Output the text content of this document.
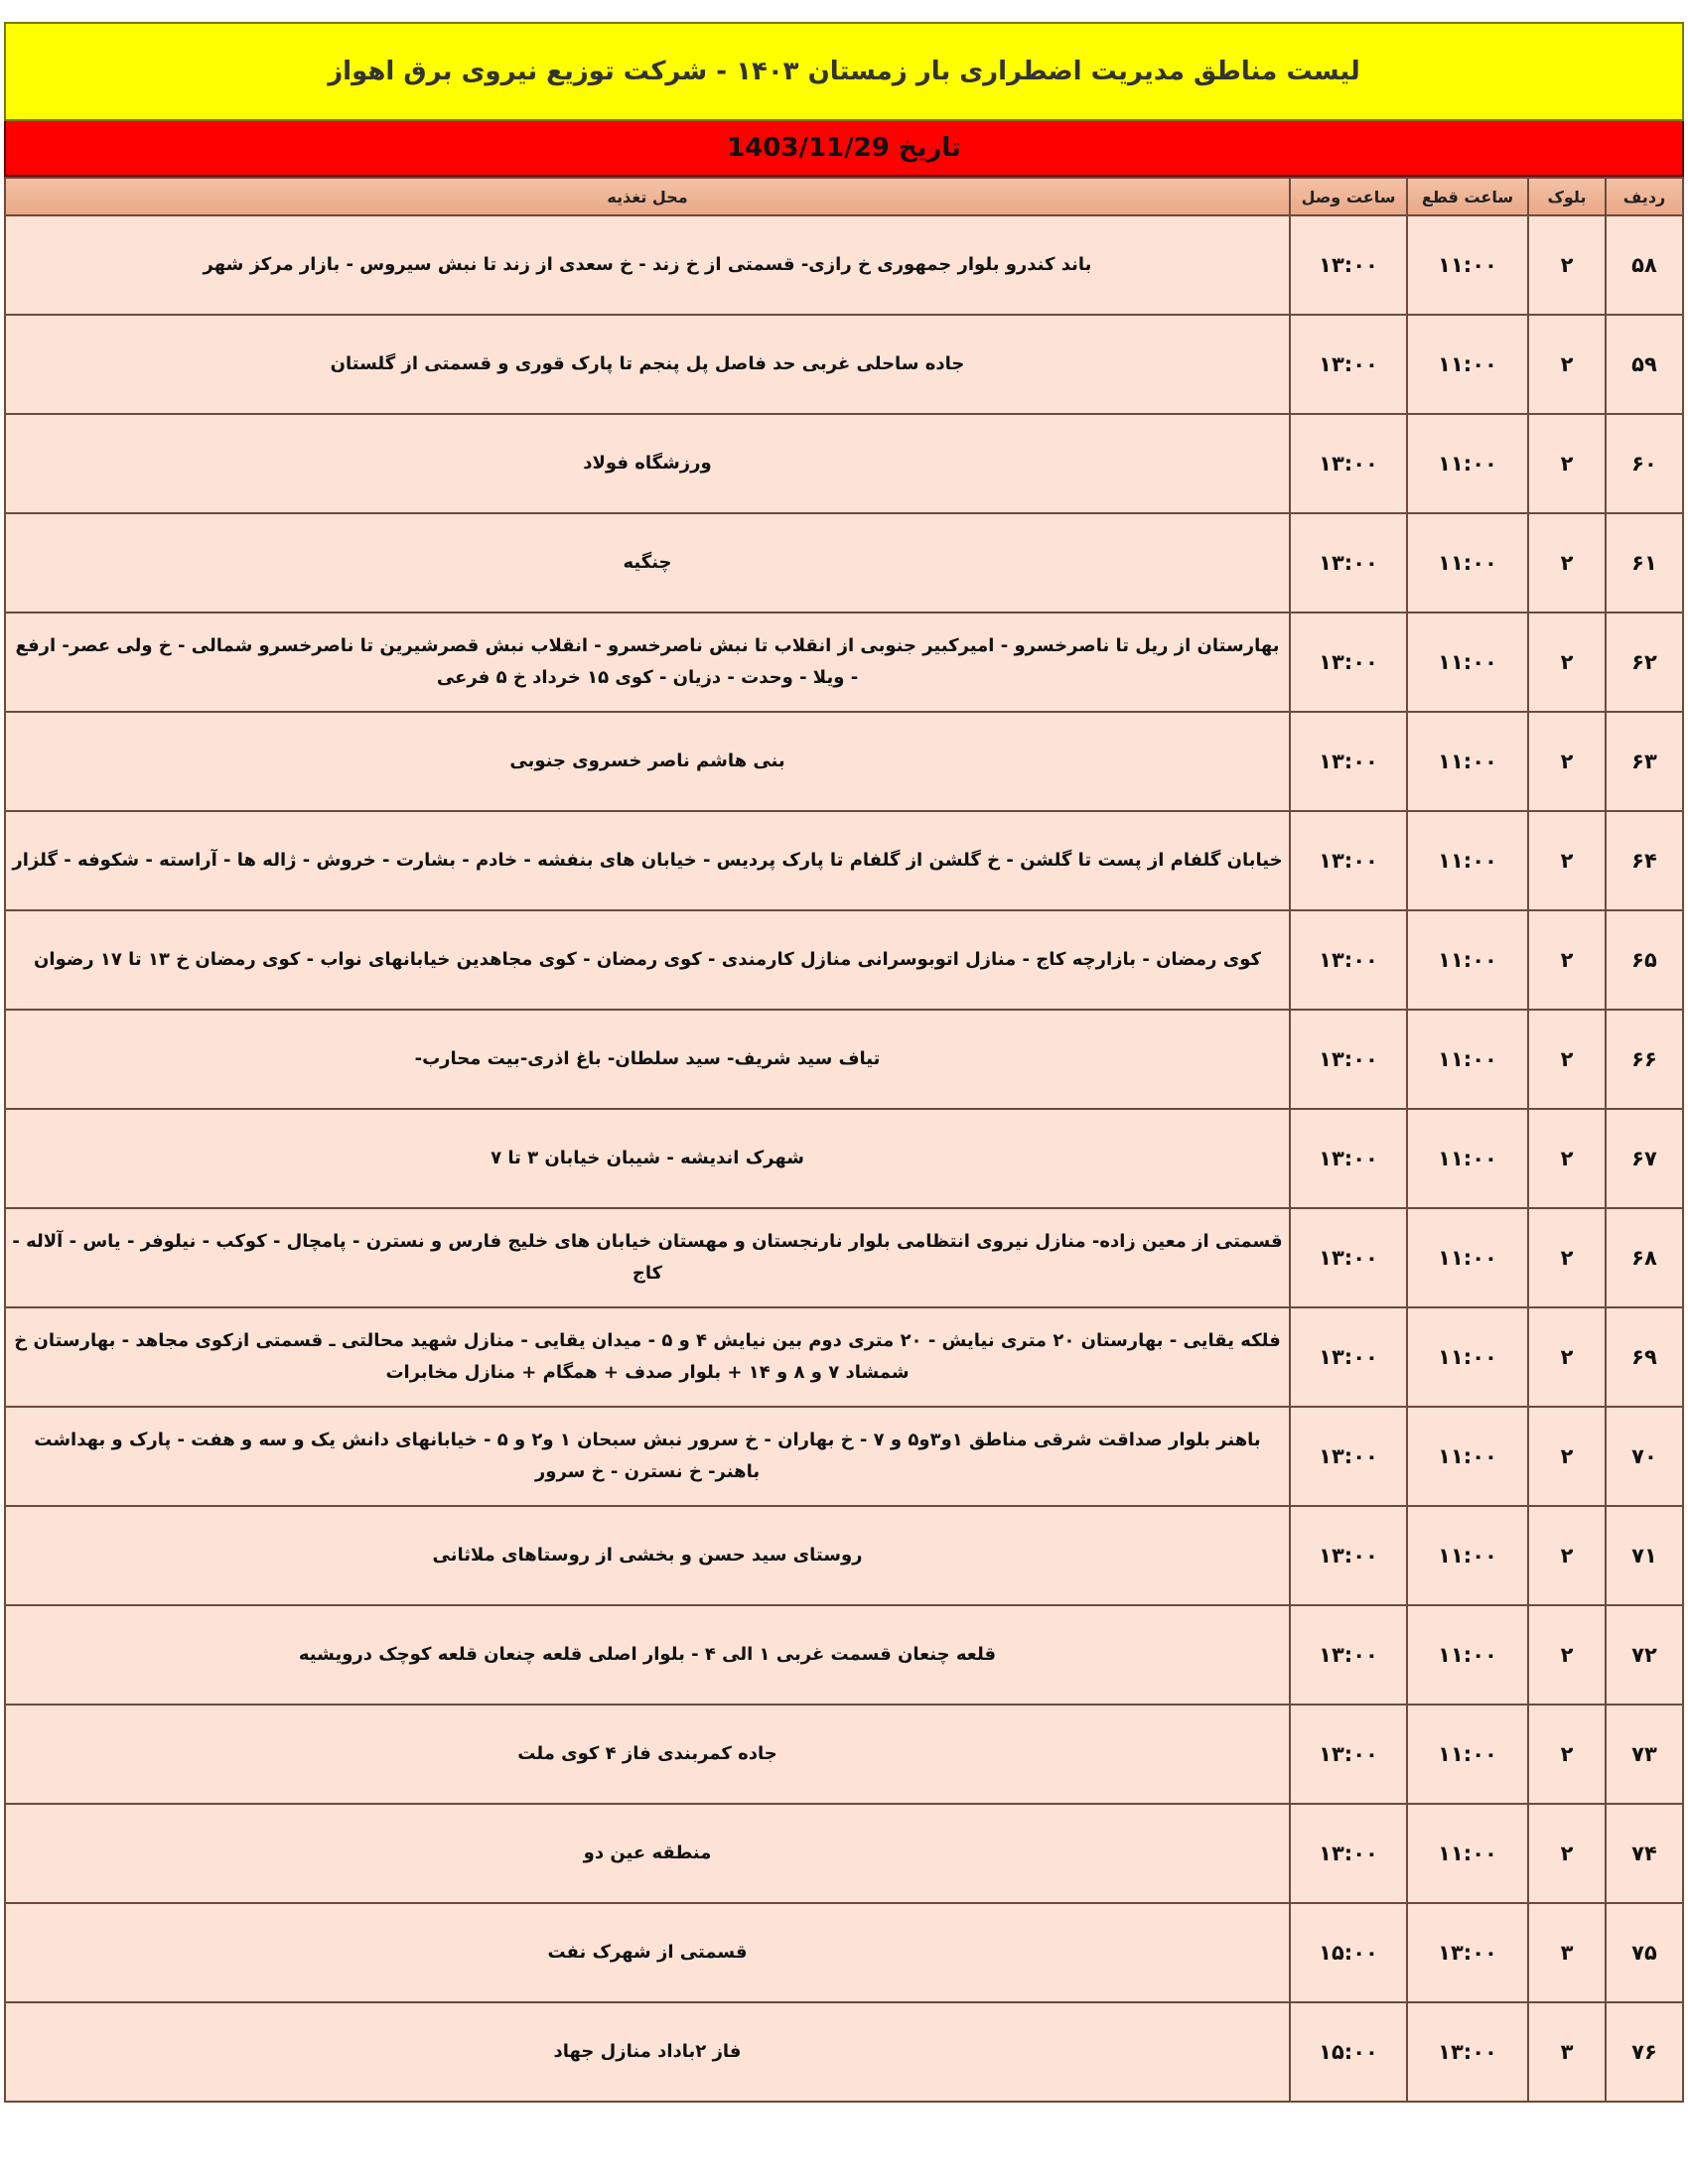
لیست مناطق مدیریت اضطراری بار زمستان ۱۴۰۳ - شرکت توزیع نیروی برق اهواز
تاریخ 1403/11/29
ردیف	بلوک	ساعت قطع	ساعت وصل	محل تغذیه
۵۸	۲	۱۱:۰۰	۱۳:۰۰	باند کندرو بلوار جمهوری خ رازی- قسمتی از خ زند - خ سعدی از زند تا نبش سیروس - بازار مرکز شهر
۵۹	۲	۱۱:۰۰	۱۳:۰۰	جاده ساحلی غربی حد فاصل پل پنجم تا پارک قوری و قسمتی از گلستان
۶۰	۲	۱۱:۰۰	۱۳:۰۰	ورزشگاه فولاد
۶۱	۲	۱۱:۰۰	۱۳:۰۰	چنگیه
۶۲	۲	۱۱:۰۰	۱۳:۰۰	بهارستان از ریل تا ناصرخسرو - امیرکبیر جنوبی از انقلاب تا نبش ناصرخسرو - انقلاب نبش قصرشیرین تا ناصرخسرو شمالی - خ ولی عصر- ارفع - ویلا - وحدت - دزیان - کوی ۱۵ خرداد خ ۵ فرعی
۶۳	۲	۱۱:۰۰	۱۳:۰۰	بنی هاشم ناصر خسروی جنوبی
۶۴	۲	۱۱:۰۰	۱۳:۰۰	خیابان گلفام از پست تا گلشن - خ گلشن از گلفام تا پارک پردیس - خیابان های بنفشه - خادم - بشارت - خروش - ژاله ها - آراسته - شکوفه - گلزار
۶۵	۲	۱۱:۰۰	۱۳:۰۰	کوی رمضان - بازارچه کاج - منازل اتوبوسرانی منازل کارمندی - کوی رمضان - کوی مجاهدین خیابانهای نواب - کوی رمضان خ ۱۳ تا ۱۷ رضوان
۶۶	۲	۱۱:۰۰	۱۳:۰۰	تیاف سید شریف- سید سلطان- باغ اذری-بیت محارب-
۶۷	۲	۱۱:۰۰	۱۳:۰۰	شهرک اندیشه - شیبان خیابان ۳ تا ۷
۶۸	۲	۱۱:۰۰	۱۳:۰۰	قسمتی از معین زاده- منازل نیروی انتظامی بلوار نارنجستان و مهستان خیابان های خلیج فارس و نسترن - پامچال - کوکب - نیلوفر - یاس - آلاله - کاج
۶۹	۲	۱۱:۰۰	۱۳:۰۰	فلکه یقایی - بهارستان ۲۰ متری نیایش - ۲۰ متری دوم بین نیایش ۴ و ۵ - میدان یقایی - منازل شهید محالتی ـ قسمتی ازکوی مجاهد - بهارستان خ شمشاد ۷ و ۸ و ۱۴ + بلوار صدف + همگام + منازل مخابرات
۷۰	۲	۱۱:۰۰	۱۳:۰۰	باهنر بلوار صداقت شرقی مناطق ۱و۳و۵ و ۷ - خ بهاران - خ سرور نبش سبحان ۱ و۲ و ۵ - خیابانهای دانش یک و سه و هفت - پارک و بهداشت باهنر- خ نسترن - خ سرور
۷۱	۲	۱۱:۰۰	۱۳:۰۰	روستای سید حسن و بخشی از روستاهای ملاثانی
۷۲	۲	۱۱:۰۰	۱۳:۰۰	قلعه چنعان قسمت غربی ۱ الی ۴ - بلوار اصلی قلعه چنعان قلعه کوچک درویشیه
۷۳	۲	۱۱:۰۰	۱۳:۰۰	جاده کمربندی فاز ۴ کوی ملت
۷۴	۲	۱۱:۰۰	۱۳:۰۰	منطقه عین دو
۷۵	۳	۱۳:۰۰	۱۵:۰۰	قسمتی از شهرک نفت
۷۶	۳	۱۳:۰۰	۱۵:۰۰	فاز ۲باداد منازل جهاد
